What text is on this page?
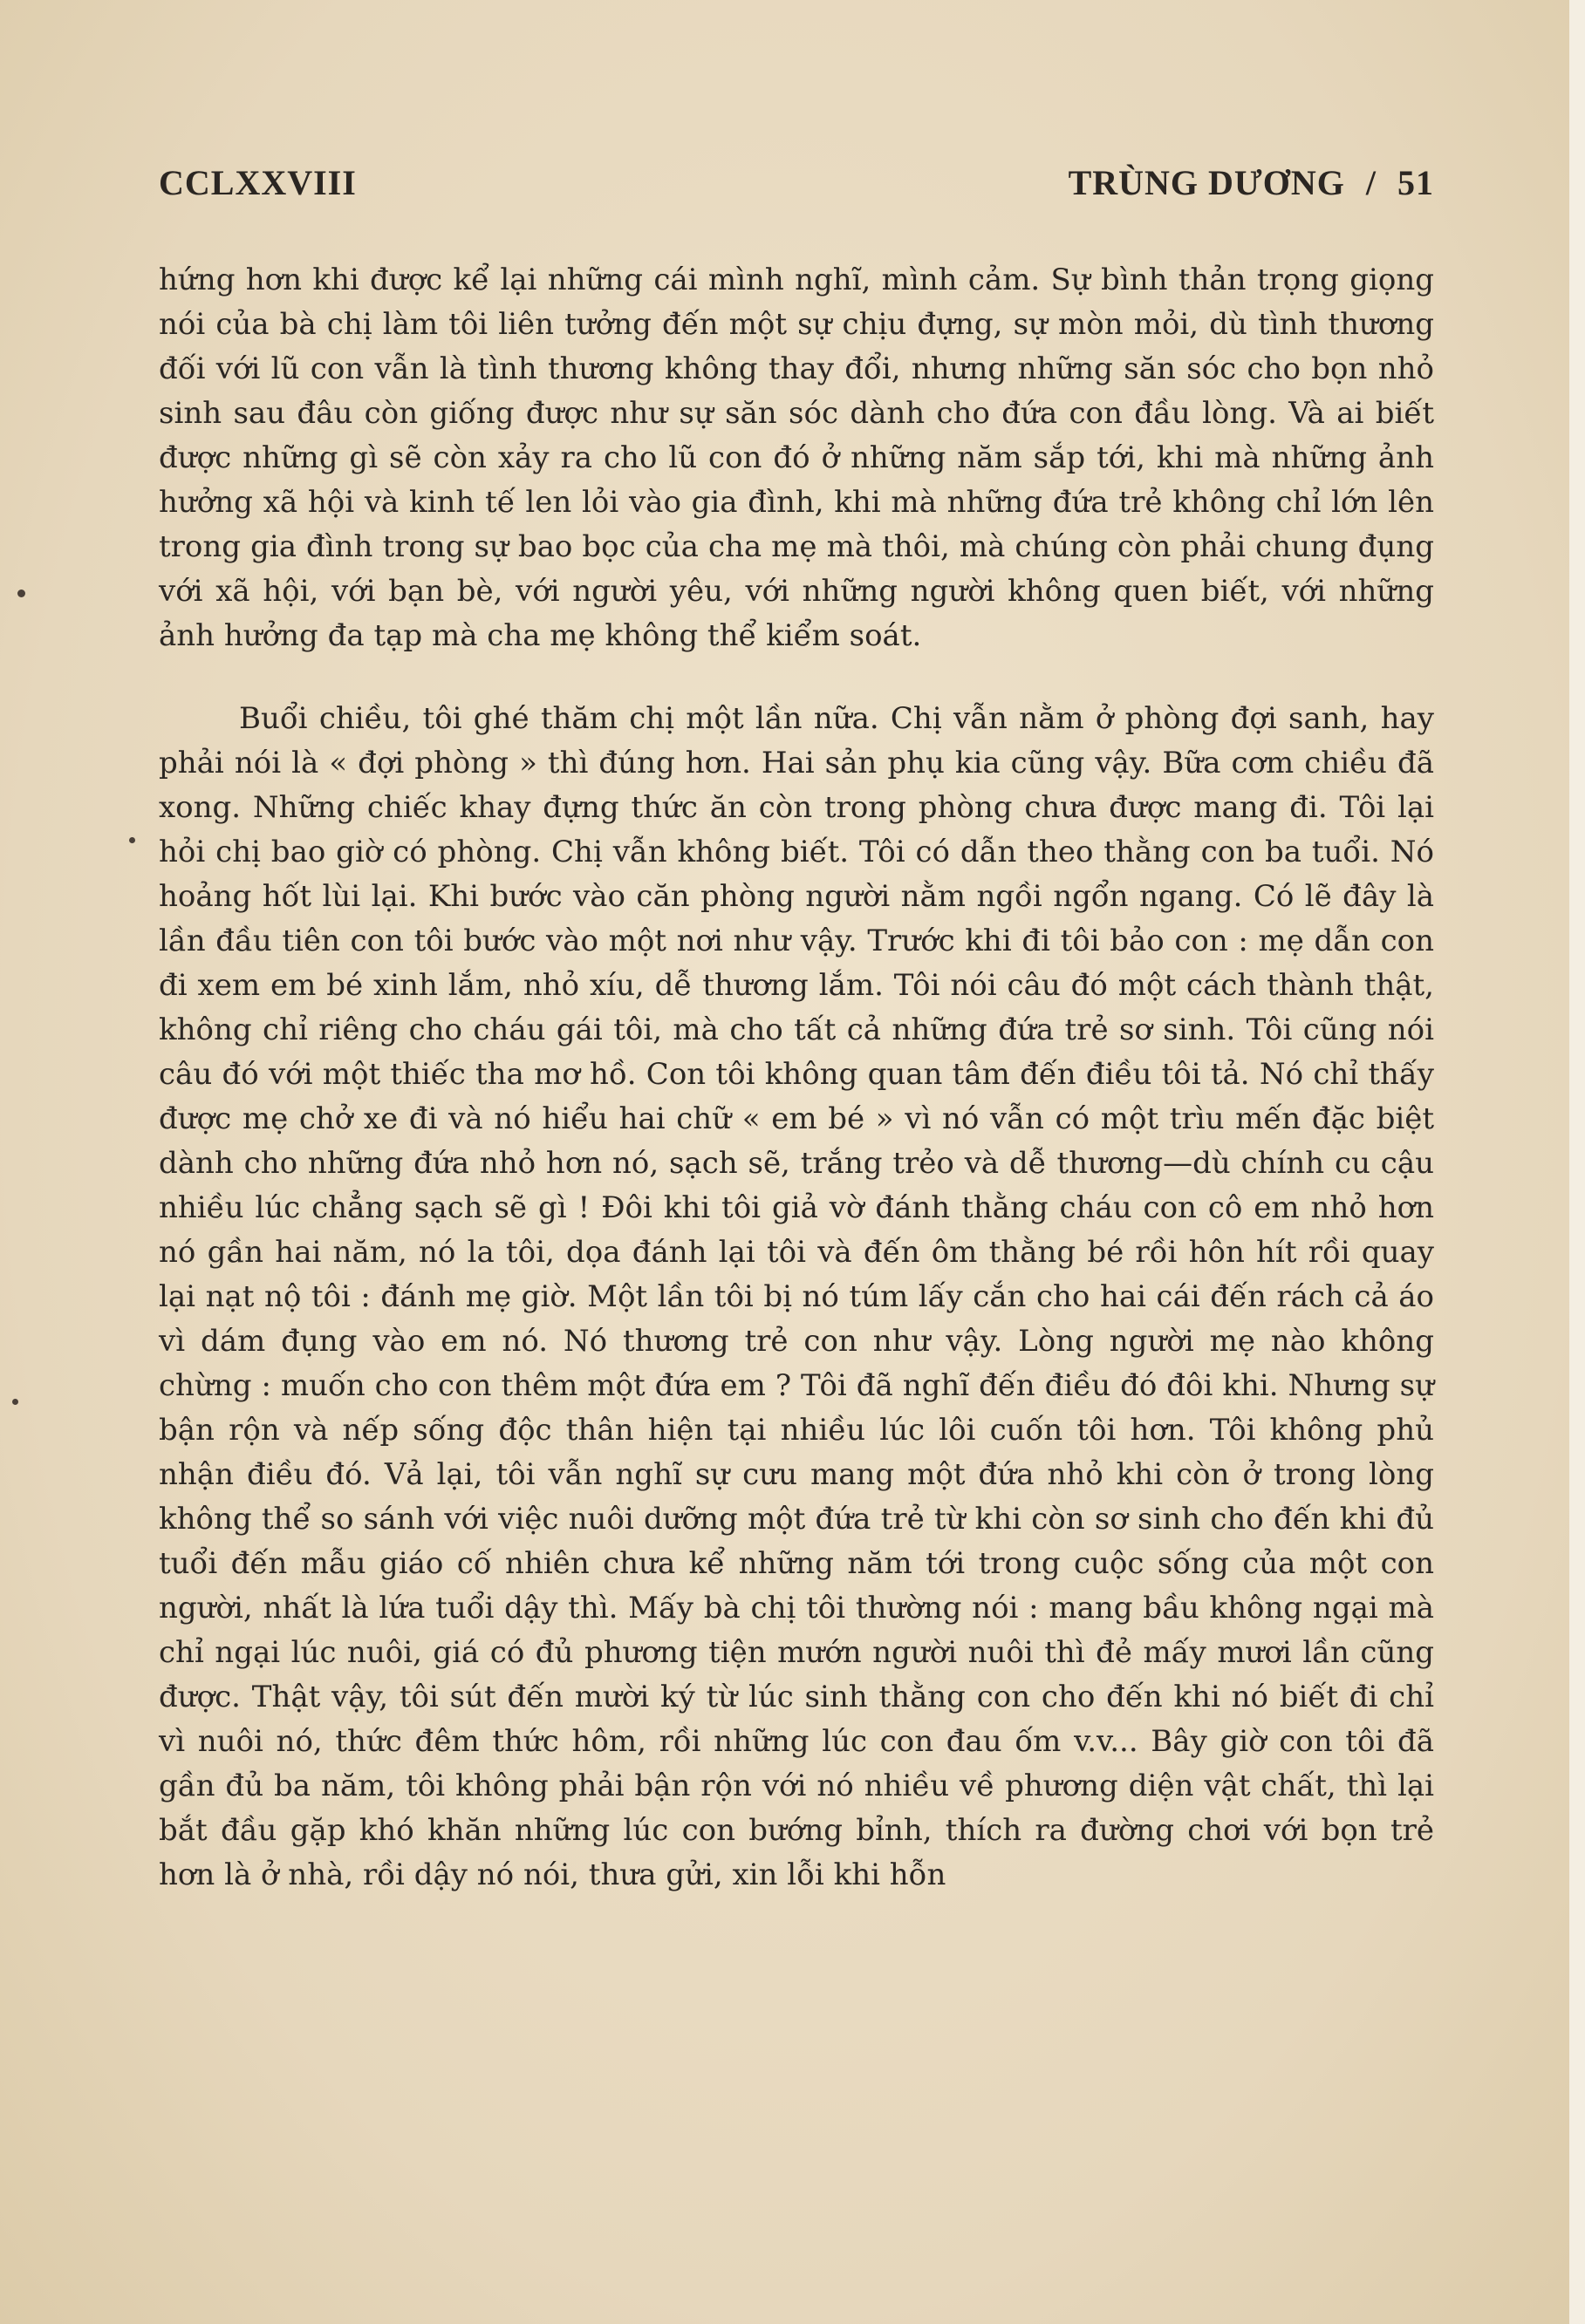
CCLXXVIII	TRÙNG DƯƠNG / 51

hứng hơn khi được kể lại những cái mình nghĩ, mình cảm. Sự bình thản trọng giọng nói của bà chị làm tôi liên tưởng đến một sự chịu đựng, sự mòn mỏi, dù tình thương đối với lũ con vẫn là tình thương không thay đổi, nhưng những săn sóc cho bọn nhỏ sinh sau đâu còn giống được như sự săn sóc dành cho đứa con đầu lòng. Và ai biết được những gì sẽ còn xảy ra cho lũ con đó ở những năm sắp tới, khi mà những ảnh hưởng xã hội và kinh tế len lỏi vào gia đình, khi mà những đứa trẻ không chỉ lớn lên trong gia đình trong sự bao bọc của cha mẹ mà thôi, mà chúng còn phải chung đụng với xã hội, với bạn bè, với người yêu, với những người không quen biết, với những ảnh hưởng đa tạp mà cha mẹ không thể kiểm soát.

Buổi chiều, tôi ghé thăm chị một lần nữa. Chị vẫn nằm ở phòng đợi sanh, hay phải nói là « đợi phòng » thì đúng hơn. Hai sản phụ kia cũng vậy. Bữa cơm chiều đã xong. Những chiếc khay đựng thức ăn còn trong phòng chưa được mang đi. Tôi lại hỏi chị bao giờ có phòng. Chị vẫn không biết. Tôi có dẫn theo thằng con ba tuổi. Nó hoảng hốt lùi lại. Khi bước vào căn phòng người nằm ngồi ngổn ngang. Có lẽ đây là lần đầu tiên con tôi bước vào một nơi như vậy. Trước khi đi tôi bảo con : mẹ dẫn con đi xem em bé xinh lắm, nhỏ xíu, dễ thương lắm. Tôi nói câu đó một cách thành thật, không chỉ riêng cho cháu gái tôi, mà cho tất cả những đứa trẻ sơ sinh. Tôi cũng nói câu đó với một thiếc tha mơ hồ. Con tôi không quan tâm đến điều tôi tả. Nó chỉ thấy được mẹ chở xe đi và nó hiểu hai chữ « em bé » vì nó vẫn có một trìu mến đặc biệt dành cho những đứa nhỏ hơn nó, sạch sẽ, trắng trẻo và dễ thương—dù chính cu cậu nhiều lúc chẳng sạch sẽ gì ! Đôi khi tôi giả vờ đánh thằng cháu con cô em nhỏ hơn nó gần hai năm, nó la tôi, dọa đánh lại tôi và đến ôm thằng bé rồi hôn hít rồi quay lại nạt nộ tôi : đánh mẹ giờ. Một lần tôi bị nó túm lấy cắn cho hai cái đến rách cả áo vì dám đụng vào em nó. Nó thương trẻ con như vậy. Lòng người mẹ nào không chừng : muốn cho con thêm một đứa em ? Tôi đã nghĩ đến điều đó đôi khi. Nhưng sự bận rộn và nếp sống độc thân hiện tại nhiều lúc lôi cuốn tôi hơn. Tôi không phủ nhận điều đó. Vả lại, tôi vẫn nghĩ sự cưu mang một đứa nhỏ khi còn ở trong lòng không thể so sánh với việc nuôi dưỡng một đứa trẻ từ khi còn sơ sinh cho đến khi đủ tuổi đến mẫu giáo cố nhiên chưa kể những năm tới trong cuộc sống của một con người, nhất là lứa tuổi dậy thì. Mấy bà chị tôi thường nói : mang bầu không ngại mà chỉ ngại lúc nuôi, giá có đủ phương tiện mướn người nuôi thì đẻ mấy mươi lần cũng được. Thật vậy, tôi sút đến mười ký từ lúc sinh thằng con cho đến khi nó biết đi chỉ vì nuôi nó, thức đêm thức hôm, rồi những lúc con đau ốm v.v... Bây giờ con tôi đã gần đủ ba năm, tôi không phải bận rộn với nó nhiều về phương diện vật chất, thì lại bắt đầu gặp khó khăn những lúc con bướng bỉnh, thích ra đường chơi với bọn trẻ hơn là ở nhà, rồi dậy nó nói, thưa gửi, xin lỗi khi hỗn
